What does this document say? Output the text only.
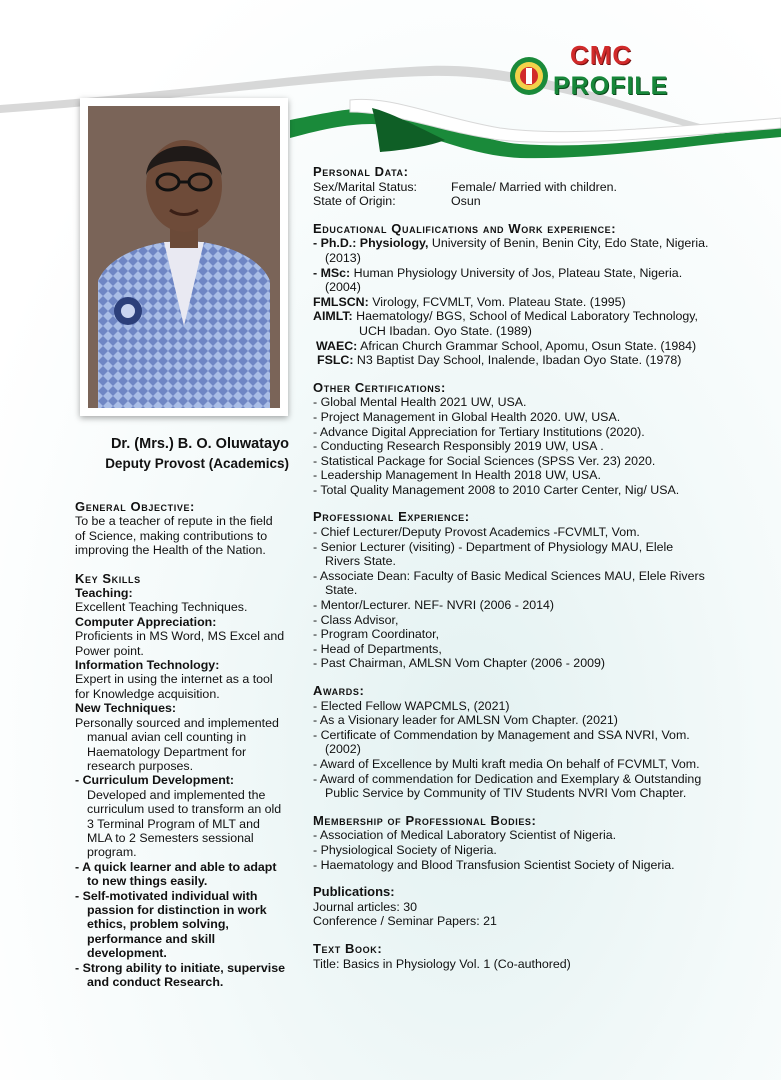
CMC
PROFILE
Dr. (Mrs.) B. O. Oluwatayo
Deputy Provost (Academics)
General Objective:
To be a teacher of repute in the field
of Science, making contributions to
improving the Health of the Nation.
Key Skills
Teaching:
Excellent Teaching Techniques.
Computer Appreciation:
Proficients in MS Word, MS Excel and
Power point.
Information Technology:
Expert in using the internet as a tool
for Knowledge acquisition.
New Techniques:
Personally sourced and implemented
manual avian cell counting in
Haematology Department for
research purposes.
- Curriculum Development:
Developed and implemented the
curriculum used to transform an old
3 Terminal Program of MLT and
MLA to 2 Semesters sessional
program.
- A quick learner and able to adapt
to new things easily.
- Self-motivated individual with
passion for distinction in work
ethics, problem solving,
performance and skill
development.
- Strong ability to initiate, supervise
and conduct Research.
Personal Data:
Sex/Marital Status:	Female/ Married with children.
State of Origin:	Osun
Educational Qualifications and Work experience:
- Ph.D.: Physiology, University of Benin, Benin City, Edo State, Nigeria.
(2013)
- MSc: Human Physiology University of Jos, Plateau State, Nigeria.
(2004)
FMLSCN: Virology, FCVMLT, Vom. Plateau State. (1995)
AIMLT: Haematology/ BGS, School of Medical Laboratory Technology,
UCH Ibadan. Oyo State. (1989)
WAEC: African Church Grammar School, Apomu, Osun State. (1984)
FSLC: N3 Baptist Day School, Inalende, Ibadan Oyo State. (1978)
Other Certifications:
- Global Mental Health 2021 UW, USA.
- Project Management in Global Health 2020. UW, USA.
- Advance Digital Appreciation for Tertiary Institutions (2020).
- Conducting Research Responsibly 2019 UW, USA .
- Statistical Package for Social Sciences (SPSS Ver. 23) 2020.
- Leadership Management In Health 2018 UW, USA.
- Total Quality Management 2008 to 2010 Carter Center, Nig/ USA.
Professional Experience:
- Chief Lecturer/Deputy Provost Academics -FCVMLT, Vom.
- Senior Lecturer (visiting) - Department of Physiology MAU, Elele
Rivers State.
- Associate Dean: Faculty of Basic Medical Sciences MAU, Elele Rivers
State.
- Mentor/Lecturer. NEF- NVRI (2006 - 2014)
- Class Advisor,
- Program Coordinator,
- Head of Departments,
- Past Chairman, AMLSN Vom Chapter (2006 - 2009)
Awards:
- Elected Fellow WAPCMLS, (2021)
- As a Visionary leader for AMLSN Vom Chapter. (2021)
- Certificate of Commendation by Management and SSA NVRI, Vom.
(2002)
- Award of Excellence by Multi kraft media On behalf of FCVMLT, Vom.
- Award of commendation for Dedication and Exemplary & Outstanding
Public Service by Community of TIV Students NVRI Vom Chapter.
Membership of Professional Bodies:
- Association of Medical Laboratory Scientist of Nigeria.
- Physiological Society of Nigeria.
- Haematology and Blood Transfusion Scientist Society of Nigeria.
Publications:
Journal articles: 30
Conference / Seminar Papers: 21
Text Book:
Title: Basics in Physiology Vol. 1 (Co-authored)
